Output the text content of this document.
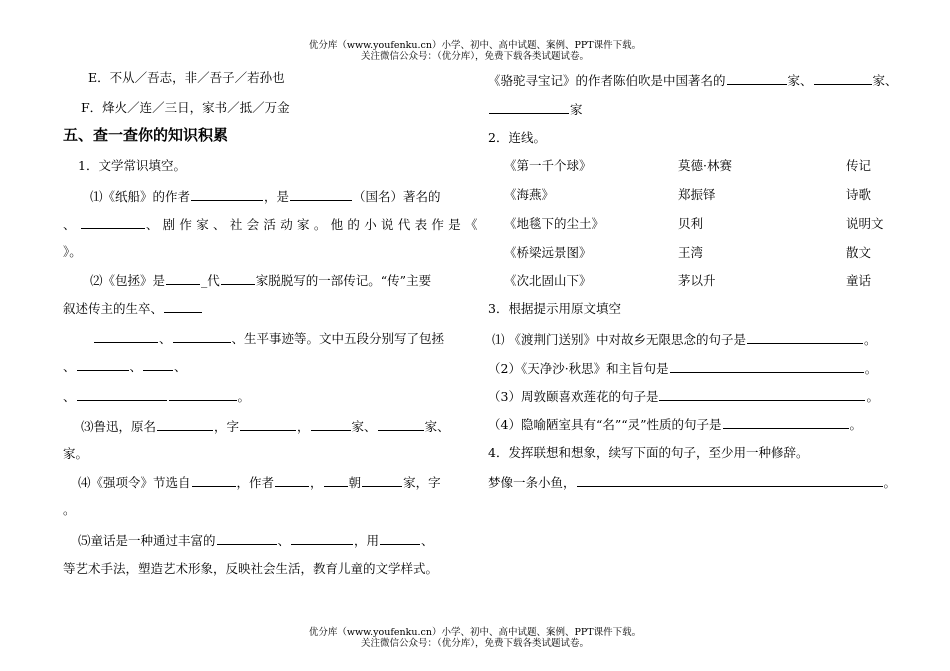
优分库（www.youfenku.cn）小学、初中、高中试题、案例、PPT课件下载。
关注微信公众号：（优分库），免费下载各类试题试卷。
E．不从／吾志，非／吾子／若孙也
F．烽火／连／三日，家书／抵／万金
五、查一查你的知识积累
1．文学常识填空。
⑴《纸船》的作者	，是	（国名）著名的
、	、剧作家、社会活动家。他的小说代表作是《
》。
⑵《包拯》是	_代	家脱脱写的一部传记。“传”主要
叙述传主的生卒、
、	、生平事迹等。文中五段分别写了包拯
、	、	、
、	。
⑶鲁迅，原名	，字	，	家、	家、
家。
⑷《强项令》节选自	，作者	， 朝	家，字
。
⑸童话是一种通过丰富的	、	，用	、
等艺术手法，塑造艺术形象，反映社会生活，教育儿童的文学样式。
《骆驼寻宝记》的作者陈伯吹是中国著名的	家、	家、
家
2．连线。
《第一千个球》	莫德·林赛	传记
《海燕》	郑振铎	诗歌
《地毯下的尘土》	贝利	说明文
《桥梁远景图》	王湾	散文
《次北固山下》	茅以升	童话
3．根据提示用原文填空
⑴ 《渡荆门送别》中对故乡无限思念的句子是	。
（2）《天净沙·秋思》和主旨句是	。
（3）周敦颐喜欢莲花的句子是	。
（4）隐喻陋室具有“名”“灵”性质的句子是	。
4．发挥联想和想象，续写下面的句子，至少用一种修辞。
梦像一条小鱼，	。
优分库（www.youfenku.cn）小学、初中、高中试题、案例、PPT课件下载。
关注微信公众号：（优分库），免费下载各类试题试卷。
